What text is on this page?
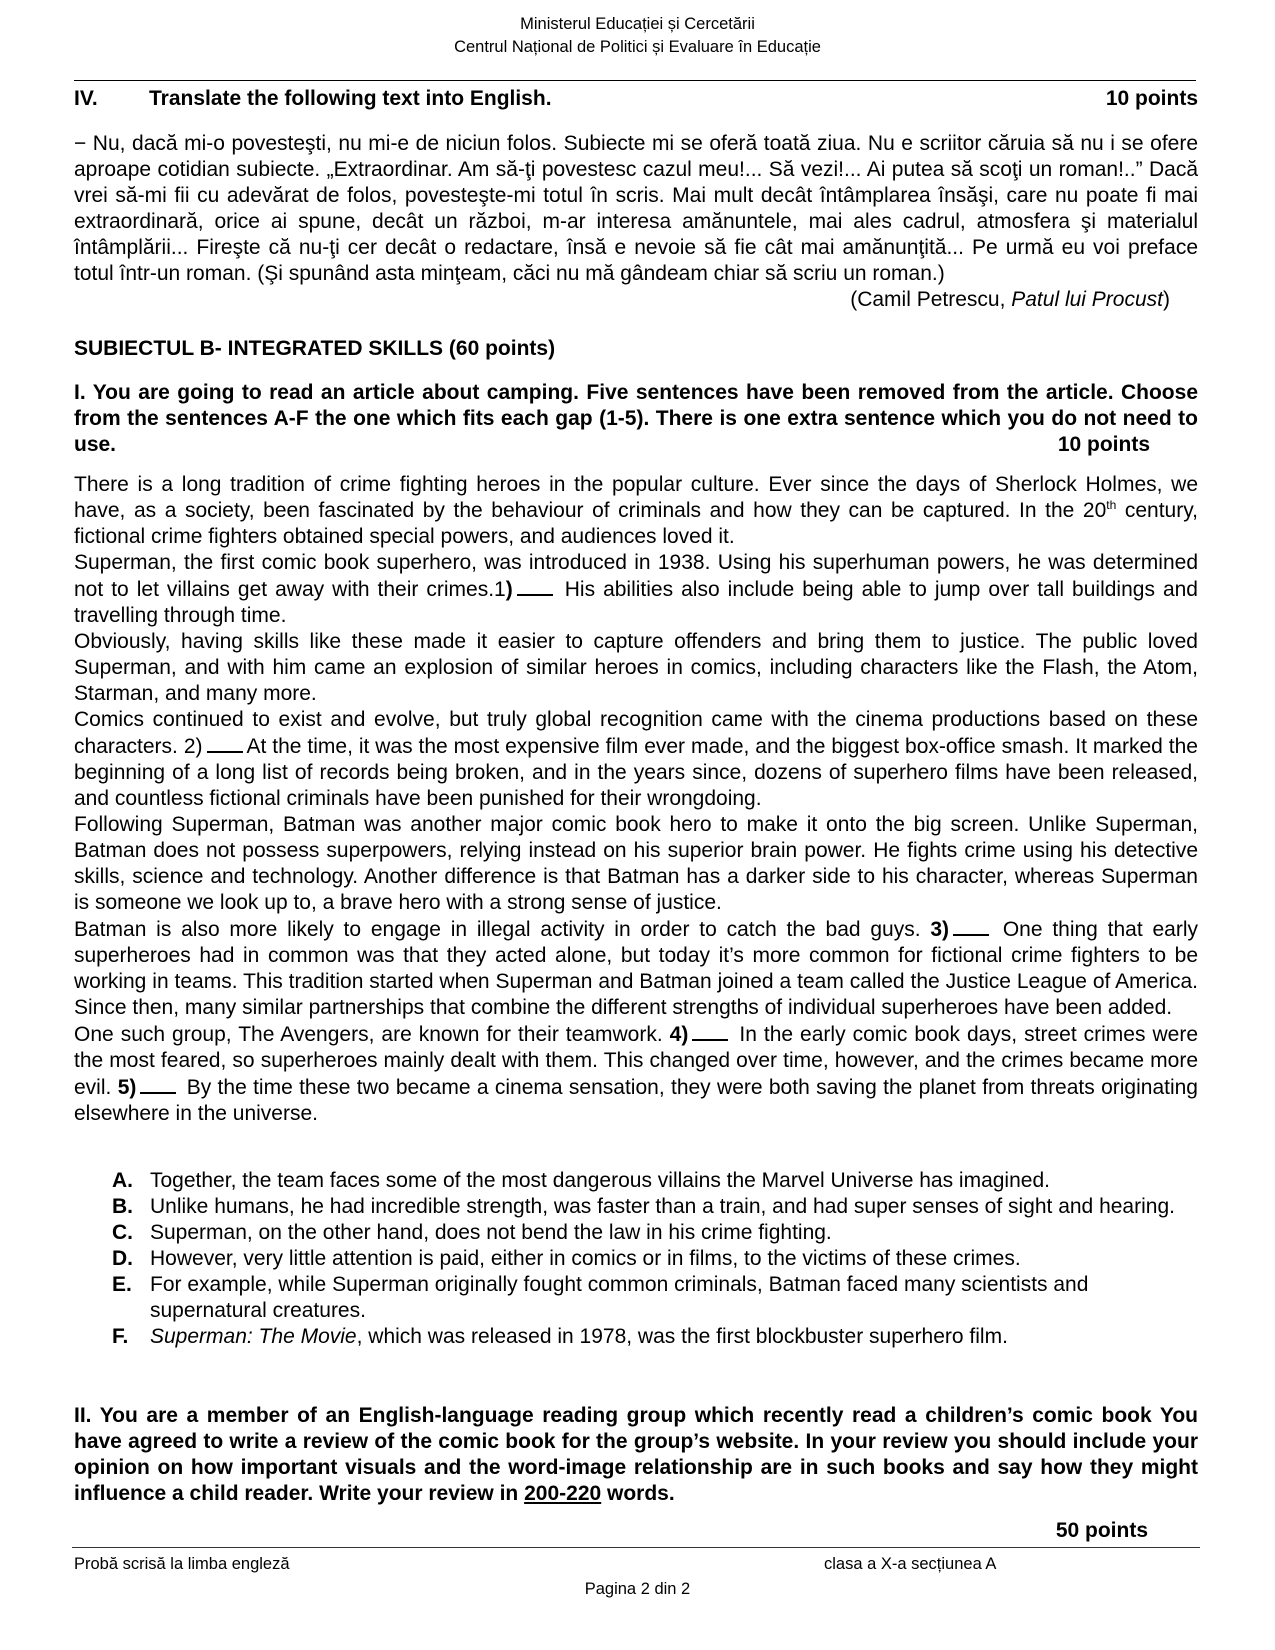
Ministerul Educației și Cercetării
Centrul Național de Politici și Evaluare în Educație
IV. Translate the following text into English.	10 points
− Nu, dacă mi-o povesteşti, nu mi-e de niciun folos. Subiecte mi se oferă toată ziua. Nu e scriitor căruia să nu i se ofere aproape cotidian subiecte. „Extraordinar. Am să-ţi povestesc cazul meu!... Să vezi!... Ai putea să scoţi un roman!..” Dacă vrei să-mi fii cu adevărat de folos, povesteşte-mi totul în scris. Mai mult decât întâmplarea însăşi, care nu poate fi mai extraordinară, orice ai spune, decât un război, m-ar interesa amănuntele, mai ales cadrul, atmosfera şi materialul întâmplării... Fireşte că nu-ţi cer decât o redactare, însă e nevoie să fie cât mai amănunţită... Pe urmă eu voi preface totul într-un roman. (Şi spunând asta minţeam, căci nu mă gândeam chiar să scriu un roman.)
(Camil Petrescu, Patul lui Procust)
SUBIECTUL B- INTEGRATED SKILLS (60 points)
I. You are going to read an article about camping. Five sentences have been removed from the article. Choose from the sentences A-F the one which fits each gap (1-5). There is one extra sentence which you do not need to use.	10 points

There is a long tradition of crime fighting heroes in the popular culture. Ever since the days of Sherlock Holmes, we have, as a society, been fascinated by the behaviour of criminals and how they can be captured. In the 20th century, fictional crime fighters obtained special powers, and audiences loved it.

Superman, the first comic book superhero, was introduced in 1938. Using his superhuman powers, he was determined not to let villains get away with their crimes.1) His abilities also include being able to jump over tall buildings and travelling through time.

Obviously, having skills like these made it easier to capture offenders and bring them to justice. The public loved Superman, and with him came an explosion of similar heroes in comics, including characters like the Flash, the Atom, Starman, and many more.

Comics continued to exist and evolve, but truly global recognition came with the cinema productions based on these characters. 2) At the time, it was the most expensive film ever made, and the biggest box-office smash. It marked the beginning of a long list of records being broken, and in the years since, dozens of superhero films have been released, and countless fictional criminals have been punished for their wrongdoing.

Following Superman, Batman was another major comic book hero to make it onto the big screen. Unlike Superman, Batman does not possess superpowers, relying instead on his superior brain power. He fights crime using his detective skills, science and technology. Another difference is that Batman has a darker side to his character, whereas Superman is someone we look up to, a brave hero with a strong sense of justice.

Batman is also more likely to engage in illegal activity in order to catch the bad guys. 3) One thing that early superheroes had in common was that they acted alone, but today it’s more common for fictional crime fighters to be working in teams. This tradition started when Superman and Batman joined a team called the Justice League of America. Since then, many similar partnerships that combine the different strengths of individual superheroes have been added.

One such group, The Avengers, are known for their teamwork. 4) In the early comic book days, street crimes were the most feared, so superheroes mainly dealt with them. This changed over time, however, and the crimes became more evil. 5) By the time these two became a cinema sensation, they were both saving the planet from threats originating elsewhere in the universe.

A. Together, the team faces some of the most dangerous villains the Marvel Universe has imagined.
B. Unlike humans, he had incredible strength, was faster than a train, and had super senses of sight and hearing.
C. Superman, on the other hand, does not bend the law in his crime fighting.
D. However, very little attention is paid, either in comics or in films, to the victims of these crimes.
E. For example, while Superman originally fought common criminals, Batman faced many scientists and supernatural creatures.
F. Superman: The Movie, which was released in 1978, was the first blockbuster superhero film.
II. You are a member of an English-language reading group which recently read a children’s comic book You have agreed to write a review of the comic book for the group’s website. In your review you should include your opinion on how important visuals and the word-image relationship are in such books and say how they might influence a child reader. Write your review in 200-220 words.
50 points
Probă scrisă la limba engleză	clasa a X-a secțiunea A
Pagina 2 din 2
